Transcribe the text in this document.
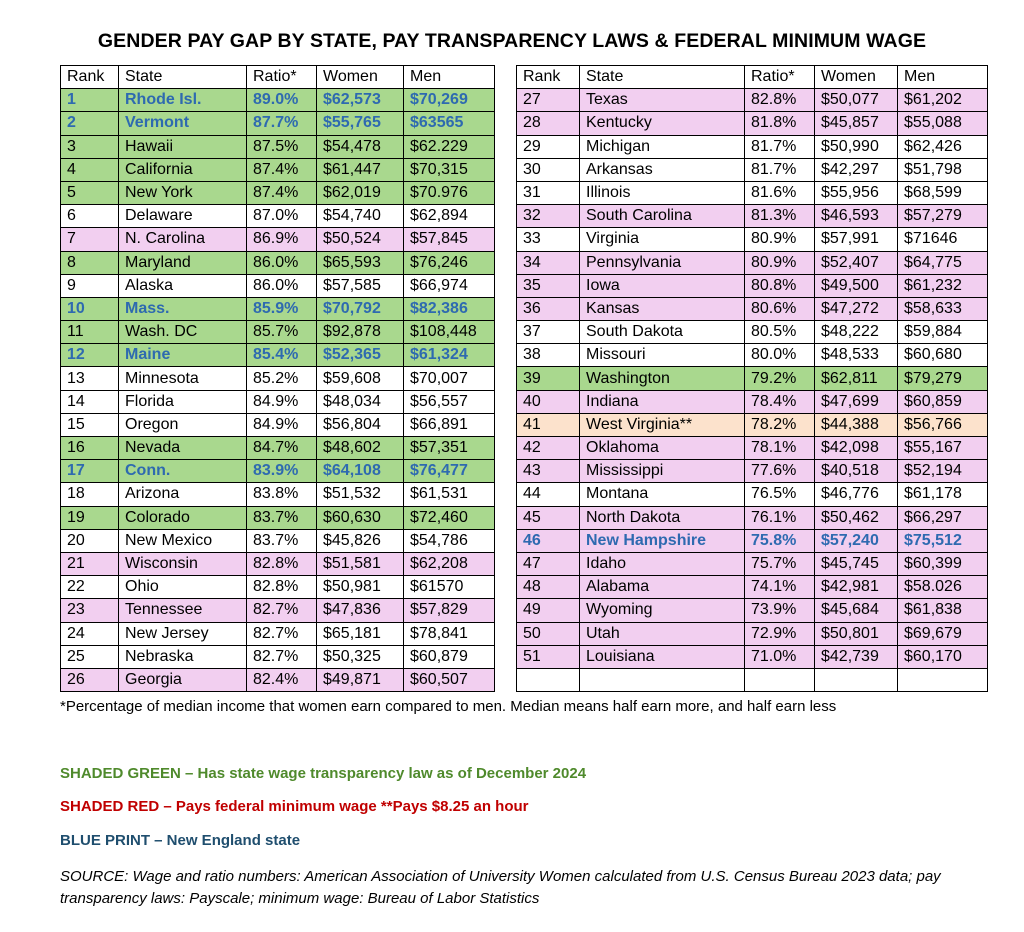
GENDER PAY GAP BY STATE, PAY TRANSPARENCY LAWS & FEDERAL MINIMUM WAGE
Rank	State	Ratio*	Women	Men
1	Rhode Isl.	89.0%	$62,573	$70,269
2	Vermont	87.7%	$55,765	$63565
3	Hawaii	87.5%	$54,478	$62.229
4	California	87.4%	$61,447	$70,315
5	New York	87.4%	$62,019	$70.976
6	Delaware	87.0%	$54,740	$62,894
7	N. Carolina	86.9%	$50,524	$57,845
8	Maryland	86.0%	$65,593	$76,246
9	Alaska	86.0%	$57,585	$66,974
10	Mass.	85.9%	$70,792	$82,386
11	Wash. DC	85.7%	$92,878	$108,448
12	Maine	85.4%	$52,365	$61,324
13	Minnesota	85.2%	$59,608	$70,007
14	Florida	84.9%	$48,034	$56,557
15	Oregon	84.9%	$56,804	$66,891
16	Nevada	84.7%	$48,602	$57,351
17	Conn.	83.9%	$64,108	$76,477
18	Arizona	83.8%	$51,532	$61,531
19	Colorado	83.7%	$60,630	$72,460
20	New Mexico	83.7%	$45,826	$54,786
21	Wisconsin	82.8%	$51,581	$62,208
22	Ohio	82.8%	$50,981	$61570
23	Tennessee	82.7%	$47,836	$57,829
24	New Jersey	82.7%	$65,181	$78,841
25	Nebraska	82.7%	$50,325	$60,879
26	Georgia	82.4%	$49,871	$60,507
Rank	State	Ratio*	Women	Men
27	Texas	82.8%	$50,077	$61,202
28	Kentucky	81.8%	$45,857	$55,088
29	Michigan	81.7%	$50,990	$62,426
30	Arkansas	81.7%	$42,297	$51,798
31	Illinois	81.6%	$55,956	$68,599
32	South Carolina	81.3%	$46,593	$57,279
33	Virginia	80.9%	$57,991	$71646
34	Pennsylvania	80.9%	$52,407	$64,775
35	Iowa	80.8%	$49,500	$61,232
36	Kansas	80.6%	$47,272	$58,633
37	South Dakota	80.5%	$48,222	$59,884
38	Missouri	80.0%	$48,533	$60,680
39	Washington	79.2%	$62,811	$79,279
40	Indiana	78.4%	$47,699	$60,859
41	West Virginia**	78.2%	$44,388	$56,766
42	Oklahoma	78.1%	$42,098	$55,167
43	Mississippi	77.6%	$40,518	$52,194
44	Montana	76.5%	$46,776	$61,178
45	North Dakota	76.1%	$50,462	$66,297
46	New Hampshire	75.8%	$57,240	$75,512
47	Idaho	75.7%	$45,745	$60,399
48	Alabama	74.1%	$42,981	$58.026
49	Wyoming	73.9%	$45,684	$61,838
50	Utah	72.9%	$50,801	$69,679
51	Louisiana	71.0%	$42,739	$60,170

*Percentage of median income that women earn compared to men. Median means half earn more, and half earn less
SHADED GREEN – Has state wage transparency law as of December 2024
SHADED RED – Pays federal minimum wage **Pays $8.25 an hour
BLUE PRINT – New England state
SOURCE: Wage and ratio numbers: American Association of University Women calculated from U.S. Census Bureau 2023 data; pay transparency laws: Payscale; minimum wage: Bureau of Labor Statistics
